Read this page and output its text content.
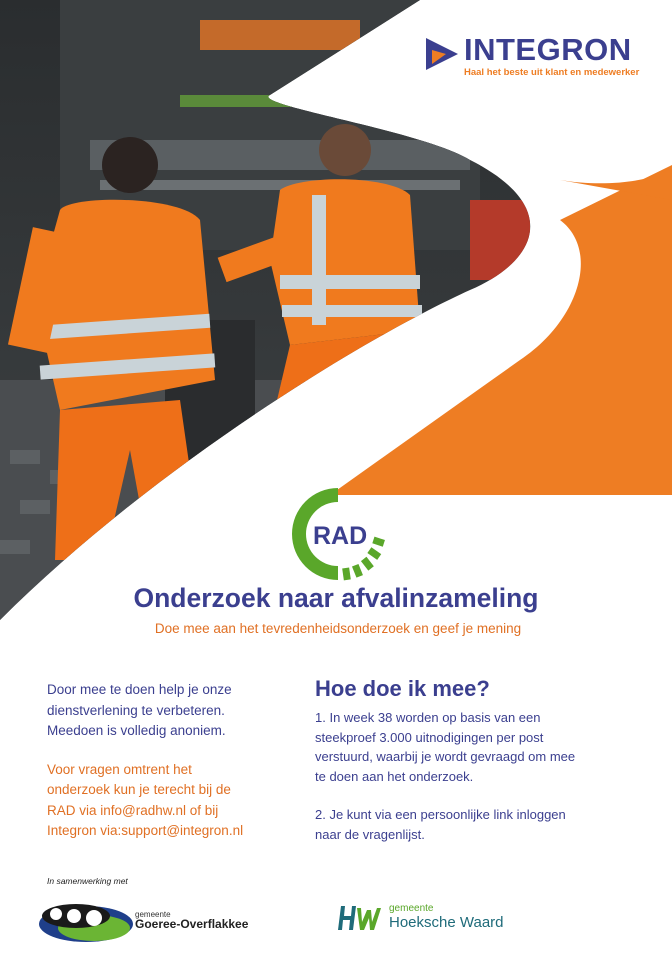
INTEGRON
Haal het beste uit klant en medewerker
RAD
Onderzoek naar afvalinzameling
Doe mee aan het tevredenheidsonderzoek en geef je mening
Door mee te doen help je onze
dienstverlening te verbeteren.
Meedoen is volledig anoniem.
Voor vragen omtrent het
onderzoek kun je terecht bij de
RAD via info@radhw.nl of bij
Integron via:support@integron.nl
Hoe doe ik mee?
1. In week 38 worden op basis van een
steekproef 3.000 uitnodigingen per post
verstuurd, waarbij je wordt gevraagd om mee
te doen aan het onderzoek.
2. Je kunt via een persoonlijke link inloggen
naar de vragenlijst.
In samenwerking met
gemeente
Goeree-Overflakkee
gemeente
Hoeksche Waard
